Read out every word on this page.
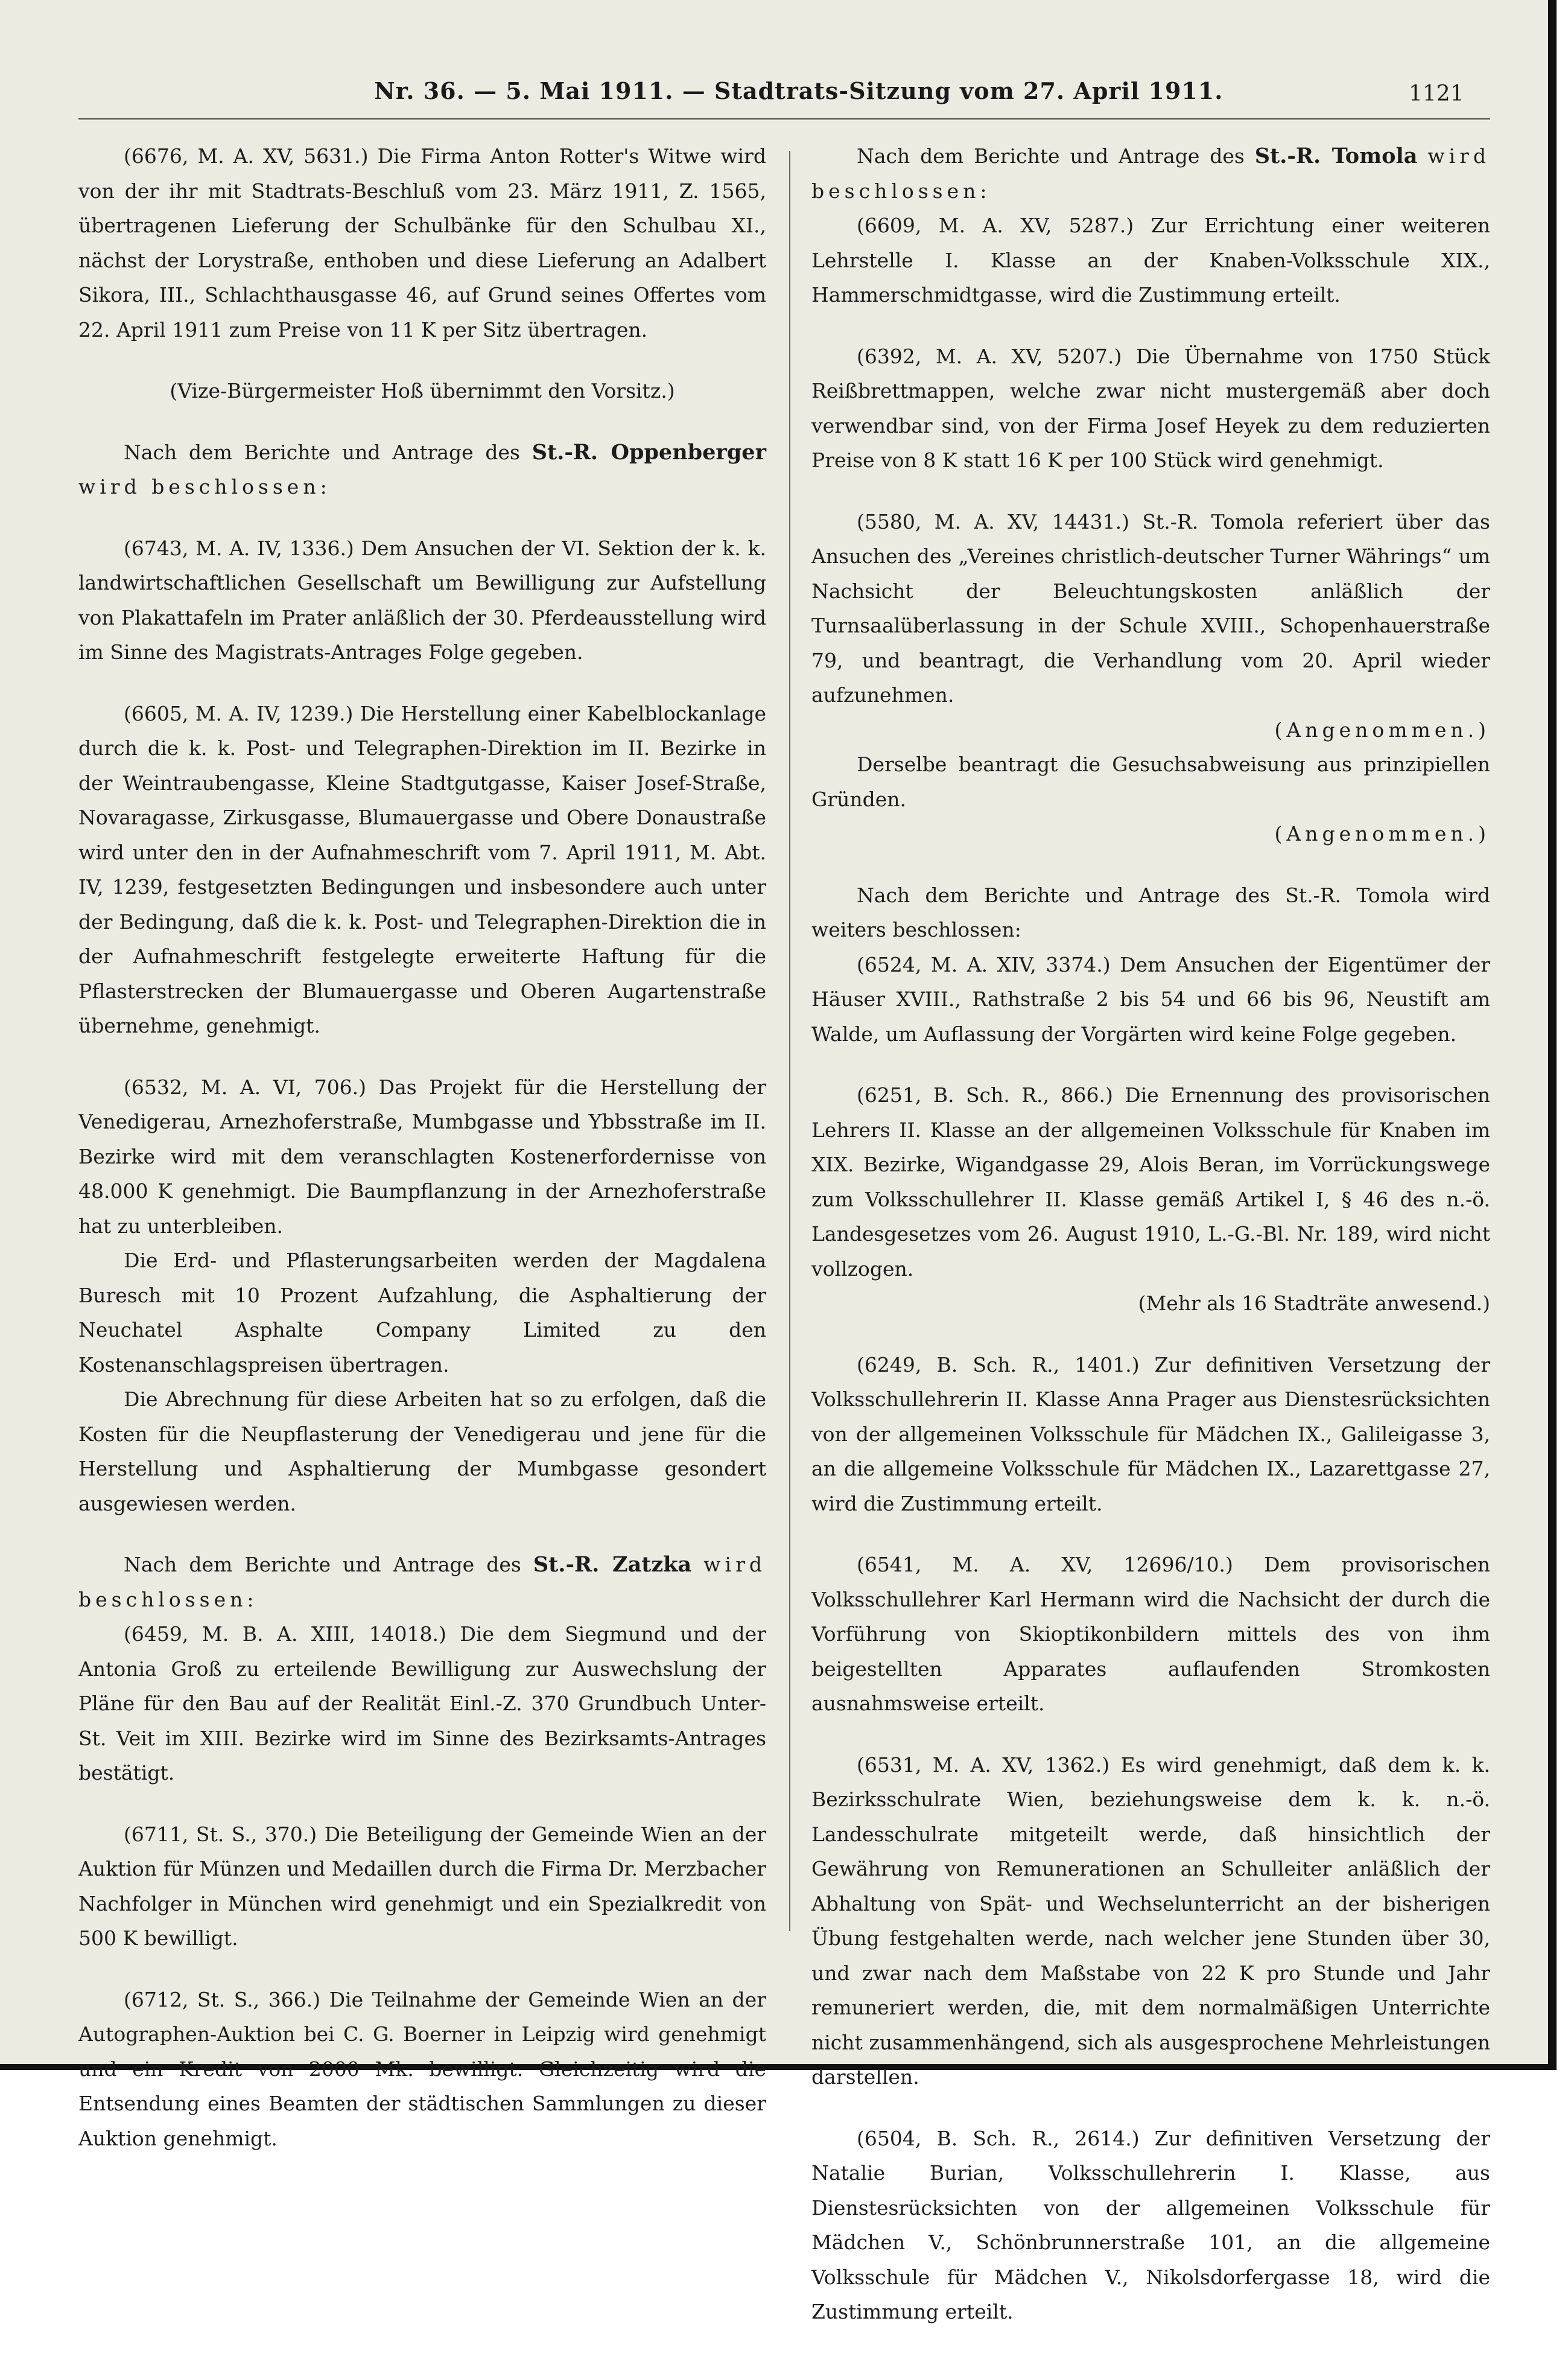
Nr. 36. — 5. Mai 1911. — Stadtrats-Sitzung vom 27. April 1911.	1121

(6676, M. A. XV, 5631.) Die Firma Anton Rotter's Witwe wird von der ihr mit Stadtrats-Beschluß vom 23. März 1911, Z. 1565, übertragenen Lieferung der Schulbänke für den Schulbau XI., nächst der Lorystraße, enthoben und diese Lieferung an Adalbert Sikora, III., Schlachthausgasse 46, auf Grund seines Offertes vom 22. April 1911 zum Preise von 11 K per Sitz übertragen.

(Vize-Bürgermeister Hoß übernimmt den Vorsitz.)

Nach dem Berichte und Antrage des St.-R. Oppenberger wird beschlossen:

(6743, M. A. IV, 1336.) Dem Ansuchen der VI. Sektion der k. k. landwirtschaftlichen Gesellschaft um Bewilligung zur Aufstellung von Plakattafeln im Prater anläßlich der 30. Pferdeausstellung wird im Sinne des Magistrats-Antrages Folge gegeben.

(6605, M. A. IV, 1239.) Die Herstellung einer Kabelblockanlage durch die k. k. Post- und Telegraphen-Direktion im II. Bezirke in der Weintraubengasse, Kleine Stadtgutgasse, Kaiser Josef-Straße, Novaragasse, Zirkusgasse, Blumauergasse und Obere Donaustraße wird unter den in der Aufnahmeschrift vom 7. April 1911, M. Abt. IV, 1239, festgesetzten Bedingungen und insbesondere auch unter der Bedingung, daß die k. k. Post- und Telegraphen-Direktion die in der Aufnahmeschrift festgelegte erweiterte Haftung für die Pflasterstrecken der Blumauergasse und Oberen Augartenstraße übernehme, genehmigt.

(6532, M. A. VI, 706.) Das Projekt für die Herstellung der Venedigerau, Arnezhoferstraße, Mumbgasse und Ybbsstraße im II. Bezirke wird mit dem veranschlagten Kostenerfordernisse von 48.000 K genehmigt. Die Baumpflanzung in der Arnezhoferstraße hat zu unterbleiben.

Die Erd- und Pflasterungsarbeiten werden der Magdalena Buresch mit 10 Prozent Aufzahlung, die Asphaltierung der Neuchatel Asphalte Company Limited zu den Kostenanschlagspreisen übertragen.

Die Abrechnung für diese Arbeiten hat so zu erfolgen, daß die Kosten für die Neupflasterung der Venedigerau und jene für die Herstellung und Asphaltierung der Mumbgasse gesondert ausgewiesen werden.

Nach dem Berichte und Antrage des St.-R. Zatzka wird beschlossen:

(6459, M. B. A. XIII, 14018.) Die dem Siegmund und der Antonia Groß zu erteilende Bewilligung zur Auswechslung der Pläne für den Bau auf der Realität Einl.-Z. 370 Grundbuch Unter-St. Veit im XIII. Bezirke wird im Sinne des Bezirksamts-Antrages bestätigt.

(6711, St. S., 370.) Die Beteiligung der Gemeinde Wien an der Auktion für Münzen und Medaillen durch die Firma Dr. Merzbacher Nachfolger in München wird genehmigt und ein Spezialkredit von 500 K bewilligt.

(6712, St. S., 366.) Die Teilnahme der Gemeinde Wien an der Autographen-Auktion bei C. G. Boerner in Leipzig wird genehmigt und ein Kredit von 2000 Mk. bewilligt. Gleichzeitig wird die Entsendung eines Beamten der städtischen Sammlungen zu dieser Auktion genehmigt.

Nach dem Berichte und Antrage des St.-R. Tomola wird beschlossen:

(6609, M. A. XV, 5287.) Zur Errichtung einer weiteren Lehrstelle I. Klasse an der Knaben-Volksschule XIX., Hammerschmidtgasse, wird die Zustimmung erteilt.

(6392, M. A. XV, 5207.) Die Übernahme von 1750 Stück Reißbrettmappen, welche zwar nicht mustergemäß aber doch verwendbar sind, von der Firma Josef Heyek zu dem reduzierten Preise von 8 K statt 16 K per 100 Stück wird genehmigt.

(5580, M. A. XV, 14431.) St.-R. Tomola referiert über das Ansuchen des „Vereines christlich-deutscher Turner Währings“ um Nachsicht der Beleuchtungskosten anläßlich der Turnsaalüberlassung in der Schule XVIII., Schopenhauerstraße 79, und beantragt, die Verhandlung vom 20. April wieder aufzunehmen.
(Angenommen.)

Derselbe beantragt die Gesuchsabweisung aus prinzipiellen Gründen.
(Angenommen.)

Nach dem Berichte und Antrage des St.-R. Tomola wird weiters beschlossen:

(6524, M. A. XIV, 3374.) Dem Ansuchen der Eigentümer der Häuser XVIII., Rathstraße 2 bis 54 und 66 bis 96, Neustift am Walde, um Auflassung der Vorgärten wird keine Folge gegeben.

(6251, B. Sch. R., 866.) Die Ernennung des provisorischen Lehrers II. Klasse an der allgemeinen Volksschule für Knaben im XIX. Bezirke, Wigandgasse 29, Alois Beran, im Vorrückungswege zum Volksschullehrer II. Klasse gemäß Artikel I, § 46 des n.-ö. Landesgesetzes vom 26. August 1910, L.-G.-Bl. Nr. 189, wird nicht vollzogen.
(Mehr als 16 Stadträte anwesend.)

(6249, B. Sch. R., 1401.) Zur definitiven Versetzung der Volksschullehrerin II. Klasse Anna Prager aus Dienstesrücksichten von der allgemeinen Volksschule für Mädchen IX., Galileigasse 3, an die allgemeine Volksschule für Mädchen IX., Lazarettgasse 27, wird die Zustimmung erteilt.

(6541, M. A. XV, 12696/10.) Dem provisorischen Volksschullehrer Karl Hermann wird die Nachsicht der durch die Vorführung von Skioptikonbildern mittels des von ihm beigestellten Apparates auflaufenden Stromkosten ausnahmsweise erteilt.

(6531, M. A. XV, 1362.) Es wird genehmigt, daß dem k. k. Bezirksschulrate Wien, beziehungsweise dem k. k. n.-ö. Landesschulrate mitgeteilt werde, daß hinsichtlich der Gewährung von Remunerationen an Schulleiter anläßlich der Abhaltung von Spät- und Wechselunterricht an der bisherigen Übung festgehalten werde, nach welcher jene Stunden über 30, und zwar nach dem Maßstabe von 22 K pro Stunde und Jahr remuneriert werden, die, mit dem normalmäßigen Unterrichte nicht zusammenhängend, sich als ausgesprochene Mehrleistungen darstellen.

(6504, B. Sch. R., 2614.) Zur definitiven Versetzung der Natalie Burian, Volksschullehrerin I. Klasse, aus Dienstesrücksichten von der allgemeinen Volksschule für Mädchen V., Schönbrunnerstraße 101, an die allgemeine Volksschule für Mädchen V., Nikolsdorfergasse 18, wird die Zustimmung erteilt.
